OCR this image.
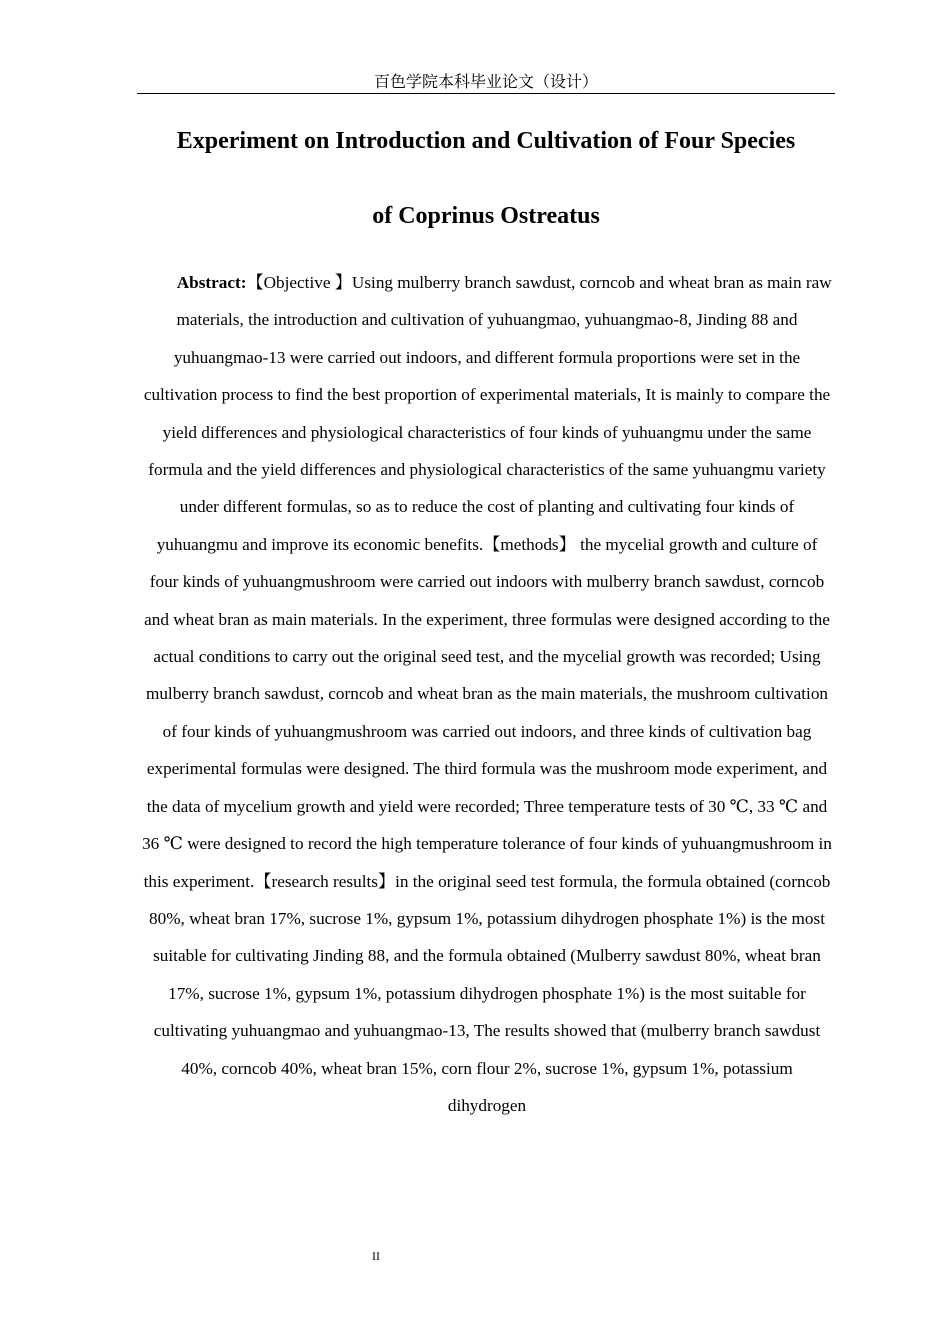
百色学院本科毕业论文（设计）
Experiment on Introduction and Cultivation of Four Species
of Coprinus Ostreatus

Abstract:【Objective 】Using mulberry branch sawdust, corncob and wheat bran as main raw materials, the introduction and cultivation of yuhuangmao, yuhuangmao-8, Jinding 88 and yuhuangmao-13 were carried out indoors, and different formula proportions were set in the cultivation process to find the best proportion of experimental materials, It is mainly to compare the yield differences and physiological characteristics of four kinds of yuhuangmu under the same formula and the yield differences and physiological characteristics of the same yuhuangmu variety under different formulas, so as to reduce the cost of planting and cultivating four kinds of yuhuangmu and improve its economic benefits.【methods】 the mycelial growth and culture of four kinds of yuhuangmushroom were carried out indoors with mulberry branch sawdust, corncob and wheat bran as main materials. In the experiment, three formulas were designed according to the actual conditions to carry out the original seed test, and the mycelial growth was recorded; Using mulberry branch sawdust, corncob and wheat bran as the main materials, the mushroom cultivation of four kinds of yuhuangmushroom was carried out indoors, and three kinds of cultivation bag experimental formulas were designed. The third formula was the mushroom mode experiment, and the data of mycelium growth and yield were recorded; Three temperature tests of 30 ℃, 33 ℃ and 36 ℃ were designed to record the high temperature tolerance of four kinds of yuhuangmushroom in this experiment.【research results】in the original seed test formula, the formula obtained (corncob 80%, wheat bran 17%, sucrose 1%, gypsum 1%, potassium dihydrogen phosphate 1%) is the most suitable for cultivating Jinding 88, and the formula obtained (Mulberry sawdust 80%, wheat bran 17%, sucrose 1%, gypsum 1%, potassium dihydrogen phosphate 1%) is the most suitable for cultivating yuhuangmao and yuhuangmao-13, The results showed that (mulberry branch sawdust 40%, corncob 40%, wheat bran 15%, corn flour 2%, sucrose 1%, gypsum 1%, potassium dihydrogen

II
